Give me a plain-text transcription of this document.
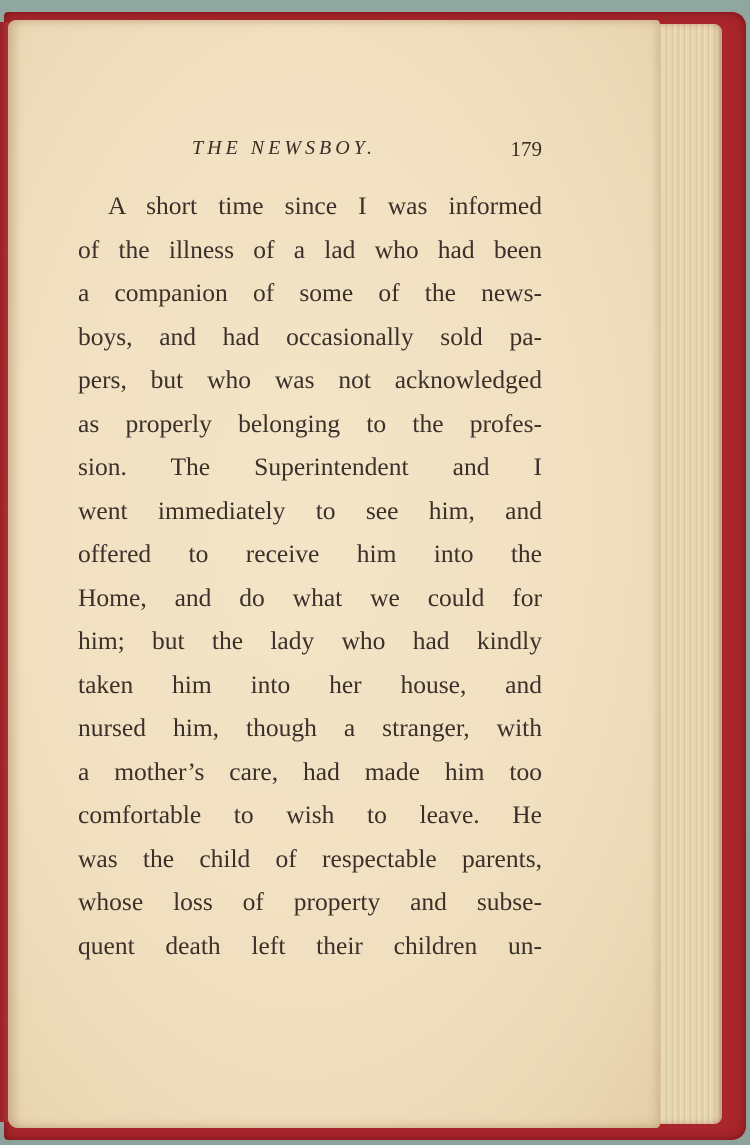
THE NEWSBOY.	179
A short time since I was informed
of the illness of a lad who had been
a companion of some of the news-
boys, and had occasionally sold pa-
pers, but who was not acknowledged
as properly belonging to the profes-
sion. The Superintendent and I
went immediately to see him, and
offered to receive him into the
Home, and do what we could for
him; but the lady who had kindly
taken him into her house, and
nursed him, though a stranger, with
a mother’s care, had made him too
comfortable to wish to leave. He
was the child of respectable parents,
whose loss of property and subse-
quent death left their children un-
